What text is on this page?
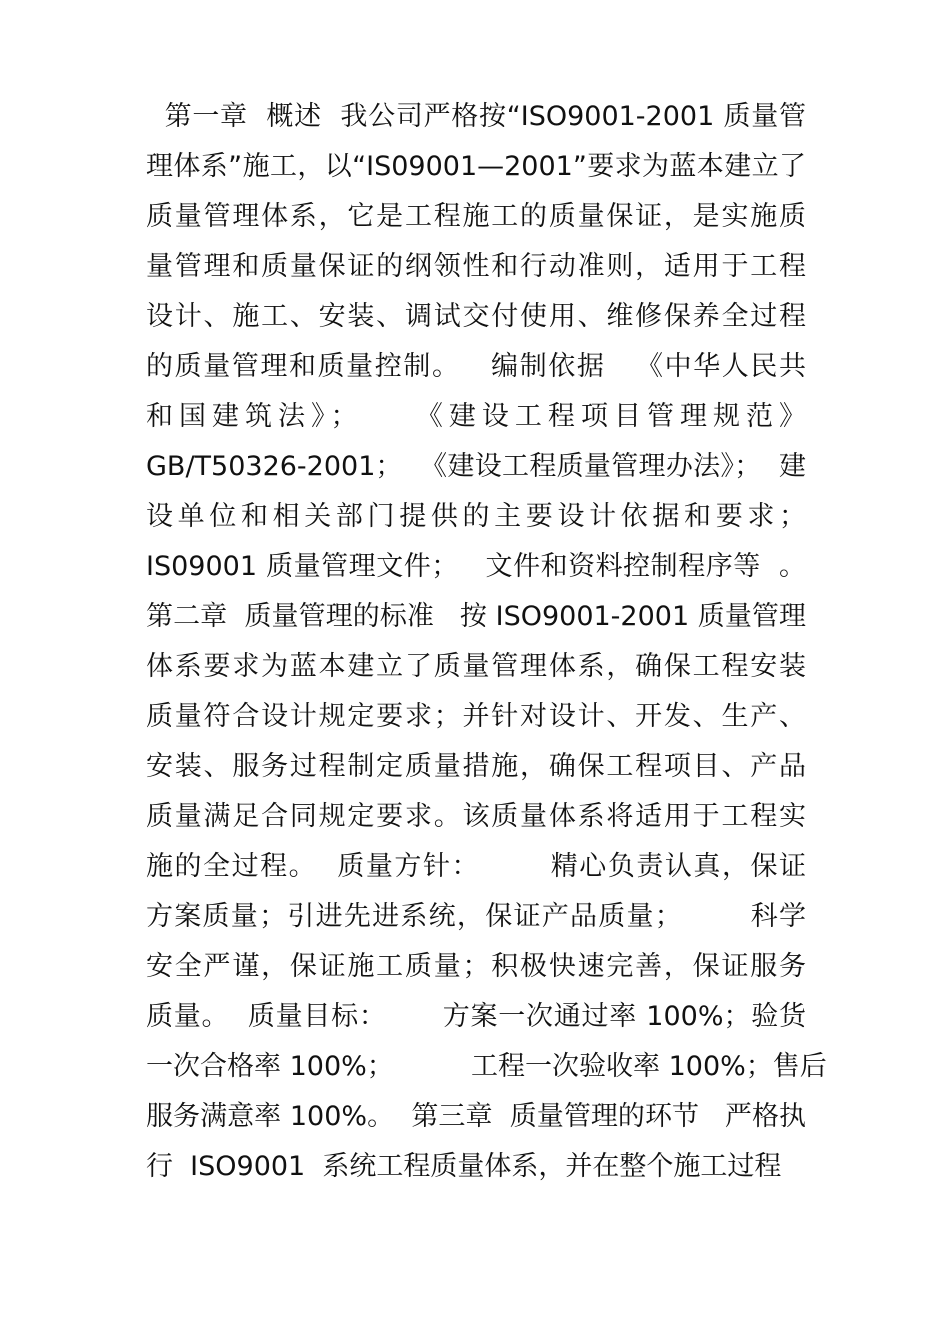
第一章  概述  我公司严格按“ISO9001-2001 质量管
理体系”施工，以“IS09001—2001”要求为蓝本建立了
质量管理体系，它是工程施工的质量保证，是实施质
量管理和质量保证的纲领性和行动准则，适用于工程
设计、施工、安装、调试交付使用、维修保养全过程
的质量管理和质量控制。   编制依据   《中华人民共
和国建筑法》；    《建设工程项目管理规范》
GB/T50326-2001；  《建设工程质量管理办法》；  建
设单位和相关部门提供的主要设计依据和要求；
IS09001 质量管理文件；   文件和资料控制程序等  。
第二章  质量管理的标准   按 ISO9001-2001 质量管理
体系要求为蓝本建立了质量管理体系，确保工程安装
质量符合设计规定要求；并针对设计、开发、生产、
安装、服务过程制定质量措施，确保工程项目、产品
质量满足合同规定要求。该质量体系将适用于工程实
施的全过程。  质量方针：       精心负责认真，保证
方案质量；引进先进系统，保证产品质量；       科学
安全严谨，保证施工质量；积极快速完善，保证服务
质量。  质量目标：      方案一次通过率 100%；验货
一次合格率 100%；         工程一次验收率 100%；售后
服务满意率 100%。  第三章  质量管理的环节   严格执
行  ISO9001  系统工程质量体系，并在整个施工过程
